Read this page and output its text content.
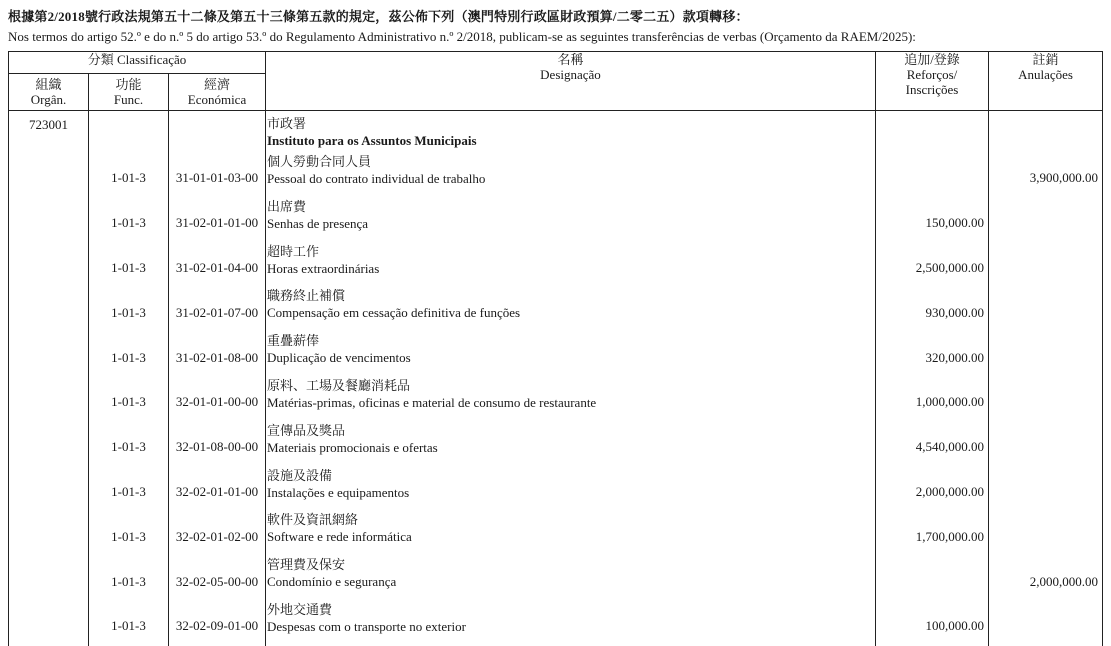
根據第2/2018號行政法規第五十二條及第五十三條第五款的規定，茲公佈下列（澳門特別行政區財政預算/二零二五）款項轉移：
Nos termos do artigo 52.º e do n.º 5 do artigo 53.º do Regulamento Administrativo n.º 2/2018, publicam-se as seguintes transferências de verbas (Orçamento da RAEM/2025):
分類 Classificação			名稱
Designação	追加/登錄
Reforços/
Inscrições	註銷
Anulações
組織
Orgân.	功能
Func.	經濟
Económica			
723001			市政署
Instituto para os Assuntos Municipais		

	1-01-3	31-01-01-03-00	個人勞動合同人員
Pessoal do contrato individual de trabalho		3,900,000.00
	1-01-3	31-02-01-01-00	出席費
Senhas de presença	150,000.00	
	1-01-3	31-02-01-04-00	超時工作
Horas extraordinárias	2,500,000.00	
	1-01-3	31-02-01-07-00	職務終止補償
Compensação em cessação definitiva de funções	930,000.00	
	1-01-3	31-02-01-08-00	重疊薪俸
Duplicação de vencimentos	320,000.00	
	1-01-3	32-01-01-00-00	原料、工場及餐廳消耗品
Matérias-primas, oficinas e material de consumo de restaurante	1,000,000.00	
	1-01-3	32-01-08-00-00	宣傳品及獎品
Materiais promocionais e ofertas	4,540,000.00	
	1-01-3	32-02-01-01-00	設施及設備
Instalações e equipamentos	2,000,000.00	
	1-01-3	32-02-01-02-00	軟件及資訊網絡
Software e rede informática	1,700,000.00	
	1-01-3	32-02-05-00-00	管理費及保安
Condomínio e segurança		2,000,000.00
	1-01-3	32-02-09-01-00	外地交通費
Despesas com o transporte no exterior	100,000.00	
